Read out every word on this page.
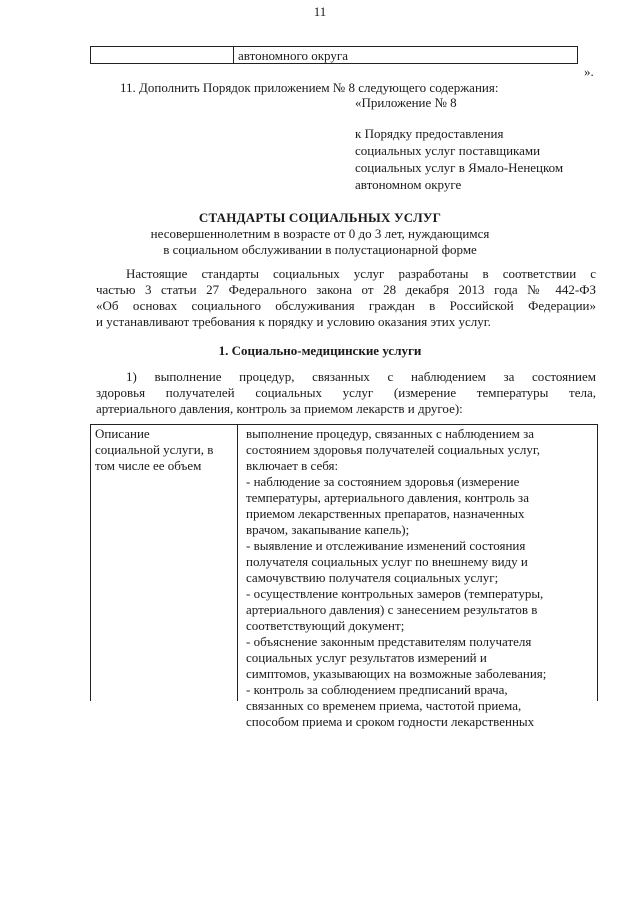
11
автономного округа
».
11. Дополнить Порядок приложением № 8 следующего содержания:
«Приложение № 8
к Порядку предоставления
социальных услуг поставщиками
социальных услуг в Ямало-Ненецком
автономном округе
СТАНДАРТЫ СОЦИАЛЬНЫХ УСЛУГ
несовершеннолетним в возрасте от 0 до 3 лет, нуждающимся
в социальном обслуживании в полустационарной форме
Настоящие стандарты социальных услуг разработаны в соответствии с
частью 3 статьи 27 Федерального закона от 28 декабря 2013 года № 442-ФЗ
«Об основах социального обслуживания граждан в Российской Федерации»
и устанавливают требования к порядку и условию оказания этих услуг.
1. Социально-медицинские услуги
1) выполнение процедур, связанных с наблюдением за состоянием
здоровья получателей социальных услуг (измерение температуры тела,
артериального давления, контроль за приемом лекарств и другое):
Описание
социальной услуги, в
том числе ее объем
выполнение процедур, связанных с наблюдением за
состоянием здоровья получателей социальных услуг,
включает в себя:
- наблюдение за состоянием здоровья (измерение
температуры, артериального давления, контроль за
приемом лекарственных препаратов, назначенных
врачом, закапывание капель);
- выявление и отслеживание изменений состояния
получателя социальных услуг по внешнему виду и
самочувствию получателя социальных услуг;
- осуществление контрольных замеров (температуры,
артериального давления) с занесением результатов в
соответствующий документ;
- объяснение законным представителям получателя
социальных услуг результатов измерений и
симптомов, указывающих на возможные заболевания;
- контроль за соблюдением предписаний врача,
связанных со временем приема, частотой приема,
способом приема и сроком годности лекарственных
